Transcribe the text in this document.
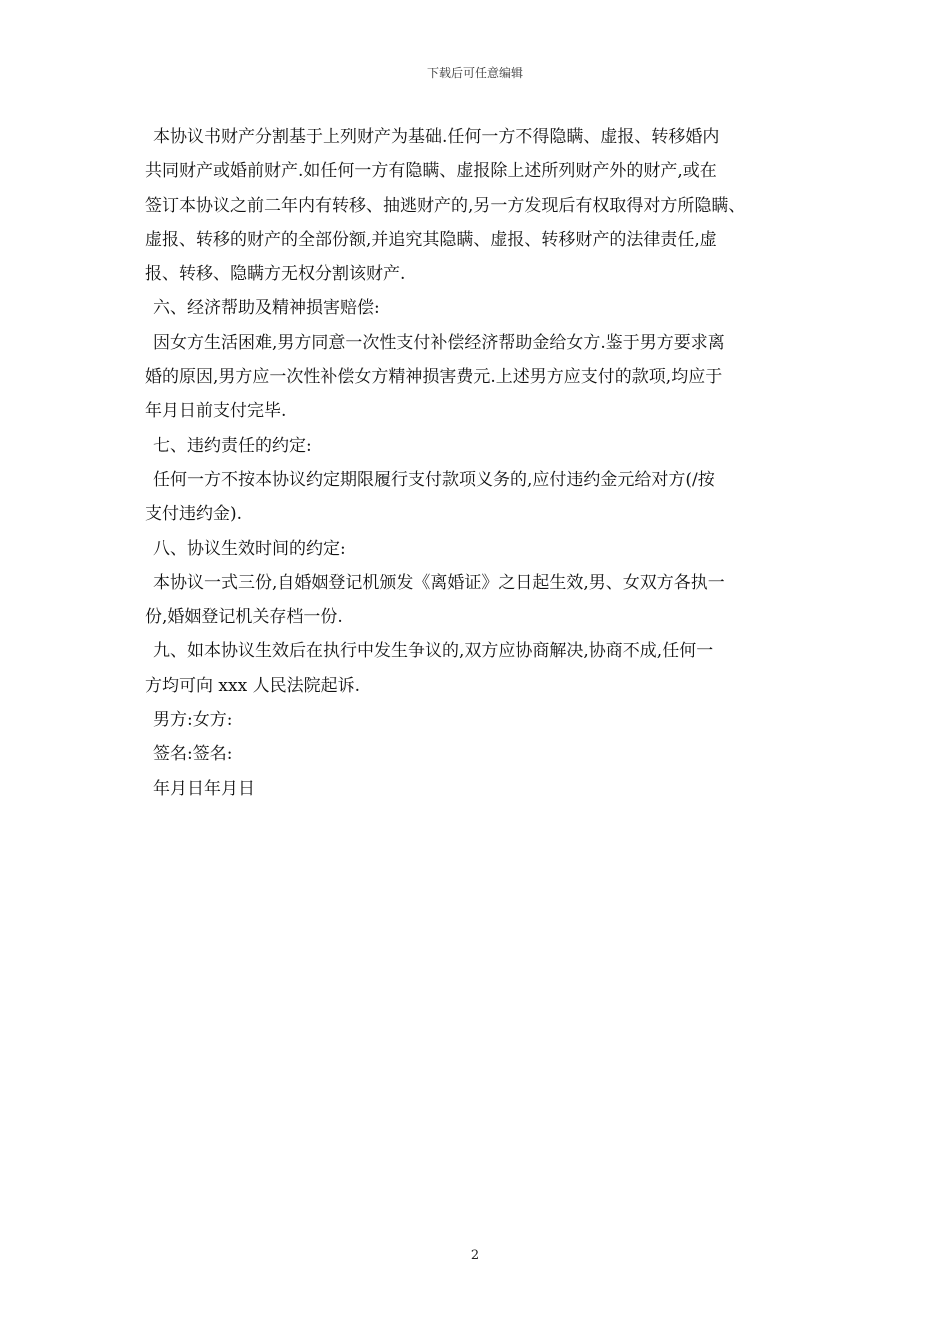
下载后可任意编辑
本协议书财产分割基于上列财产为基础.任何一方不得隐瞒、虚报、转移婚内
共同财产或婚前财产.如任何一方有隐瞒、虚报除上述所列财产外的财产,或在
签订本协议之前二年内有转移、抽逃财产的,另一方发现后有权取得对方所隐瞒、
虚报、转移的财产的全部份额,并追究其隐瞒、虚报、转移财产的法律责任,虚
报、转移、隐瞒方无权分割该财产.
六、经济帮助及精神损害赔偿:
因女方生活困难,男方同意一次性支付补偿经济帮助金给女方.鉴于男方要求离
婚的原因,男方应一次性补偿女方精神损害费元.上述男方应支付的款项,均应于
年月日前支付完毕.
七、违约责任的约定:
任何一方不按本协议约定期限履行支付款项义务的,应付违约金元给对方(/按
支付违约金).
八、协议生效时间的约定:
本协议一式三份,自婚姻登记机颁发《离婚证》之日起生效,男、女双方各执一
份,婚姻登记机关存档一份.
九、如本协议生效后在执行中发生争议的,双方应协商解决,协商不成,任何一
方均可向 xxx 人民法院起诉.
男方:女方:
签名:签名:
年月日年月日
2
